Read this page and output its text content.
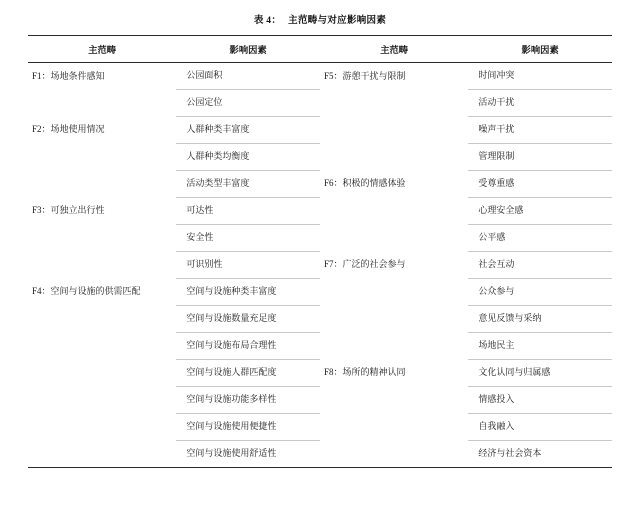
表 4： 主范畴与对应影响因素
主范畴	影响因素	主范畴	影响因素
F1：场地条件感知	公园面积	F5：游憩干扰与限制	时间冲突
	公园定位		活动干扰
F2：场地使用情况	人群种类丰富度		噪声干扰
	人群种类均衡度		管理限制
	活动类型丰富度	F6：积极的情感体验	受尊重感
F3：可独立出行性	可达性		心理安全感
	安全性		公平感
	可识别性	F7：广泛的社会参与	社会互动
F4：空间与设施的供需匹配	空间与设施种类丰富度		公众参与
	空间与设施数量充足度		意见反馈与采纳
	空间与设施布局合理性		场地民主
	空间与设施人群匹配度	F8：场所的精神认同	文化认同与归属感
	空间与设施功能多样性		情感投入
	空间与设施使用便捷性		自我融入
	空间与设施使用舒适性		经济与社会资本
